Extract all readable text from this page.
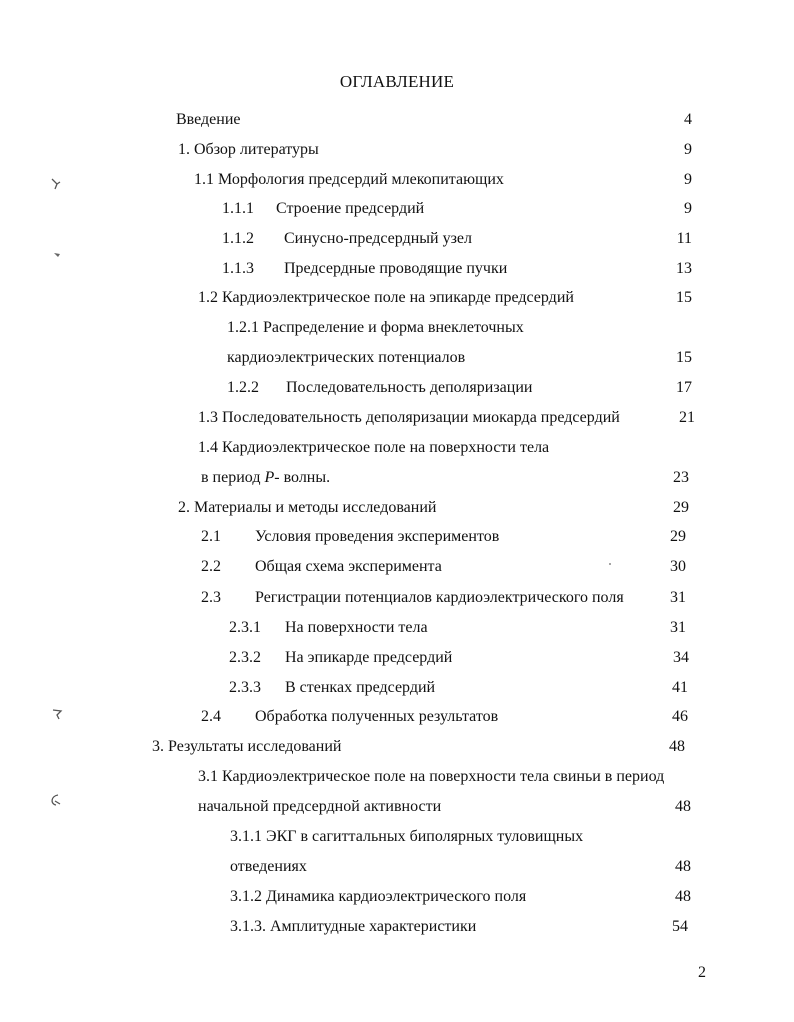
ОГЛАВЛЕНИЕ
Введение	4
1. Обзор литературы	9
1.1 Морфология предсердий млекопитающих	9
1.1.1 Строение предсердий	9
1.1.2 Синусно-предсердный узел	11
1.1.3 Предсердные проводящие пучки	13
1.2 Кардиоэлектрическое поле на эпикарде предсердий	15
1.2.1 Распределение и форма внеклеточных
кардиоэлектрических потенциалов	15
1.2.2 Последовательность деполяризации	17
1.3 Последовательность деполяризации миокарда предсердий	21
1.4 Кардиоэлектрическое поле на поверхности тела
в период P- волны.	23
2. Материалы и методы исследований	29
2.1 Условия проведения экспериментов	29
2.2 Общая схема эксперимента	30
2.3 Регистрации потенциалов кардиоэлектрического поля	31
2.3.1 На поверхности тела	31
2.3.2 На эпикарде предсердий	34
2.3.3 В стенках предсердий	41
2.4 Обработка полученных результатов	46
3. Результаты исследований	48
3.1 Кардиоэлектрическое поле на поверхности тела свиньи в период
начальной предсердной активности	48
3.1.1 ЭКГ в сагиттальных биполярных туловищных
отведениях	48
3.1.2 Динамика кардиоэлектрического поля	48
3.1.3. Амплитудные характеристики	54
2
